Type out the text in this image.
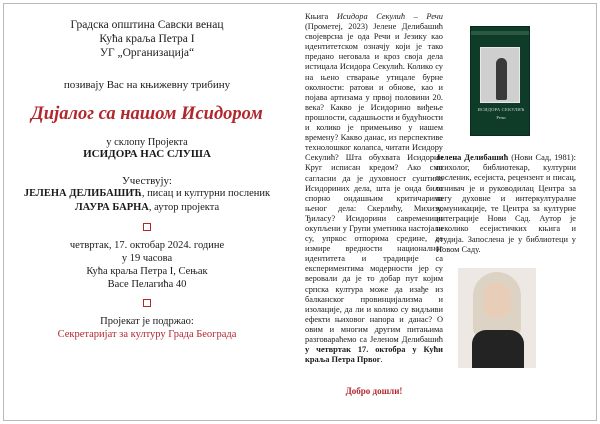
Градска општина Савски венац
Кућа краља Петра I
УГ „Организација“
позивају Вас на књижевну трибину
Дијалог са нашом Исидором
у склопу Пројекта
ИСИДОРА НАС СЛУША
Учествују:
ЈЕЛЕНА ДЕЛИБАШИЋ, писац и културни посленик
ЛАУРА БАРНА, аутор пројекта
четвртак, 17. октобар 2024. године
у 19 часова
Кућа краља Петра I, Сењак
Васе Пелагића 40
Пројекат је подржао:
Секретаријат за културу Града Београда
Књига Исидора Секулић – Речи (Прометеј, 2023) Јелене Делибашић својеврсна је ода Речи и Језику као идентитетском означју који је тако предано неговала и кроз своја дела истицала Исидора Секулић. Колико су на њено стварање утицале бурне околности: ратови и обнове, као и појава артизама у првој половини 20. века? Какво је Исидорино виђење прошлости, садашњости и будућности и колико је примењиво у нашем времену? Какво данас, из перспективе технолошког колапса, читати Исидору Секулић? Шта обухвата Исидорин Круг исписан кредом? Ако смо сагласни да је духовност суштина Исидориних дела, шта је онда било спорно ондашњим критичарима њеног дела: Скерлићу, Михизу, Ђиласу? Исидорини савременици окупљени у Групи уметника настојали су, упркос отпорима средине, да измире вредности националног идентитета и традиције са експериментима модерности јер су веровали да је то добар пут којим српска култура може да изађе из балканског провинцијализма и изолације, да ли и колико су видљиви ефекти њиховог напора и данас? О овим и многим другим питањима разговараћемо са Јеленом Делибашић у четвртак 17. октобра у Кући краља Петра Првог.
Добро дошли!
ИСИДОРА СЕКУЛИЋ
Речи
Јелена Делибашић (Нови Сад, 1981): психолог, библиотекар, културни посленик, есејиста, рецензент и писац, оснивач је и руководилац Центра за негу духовне и интеркултуралне комуникације, те Центра за културне интеграције Нови Сад. Аутор је неколико есејистичких књига и студија. Запослена је у библиотеци у Новом Саду.
